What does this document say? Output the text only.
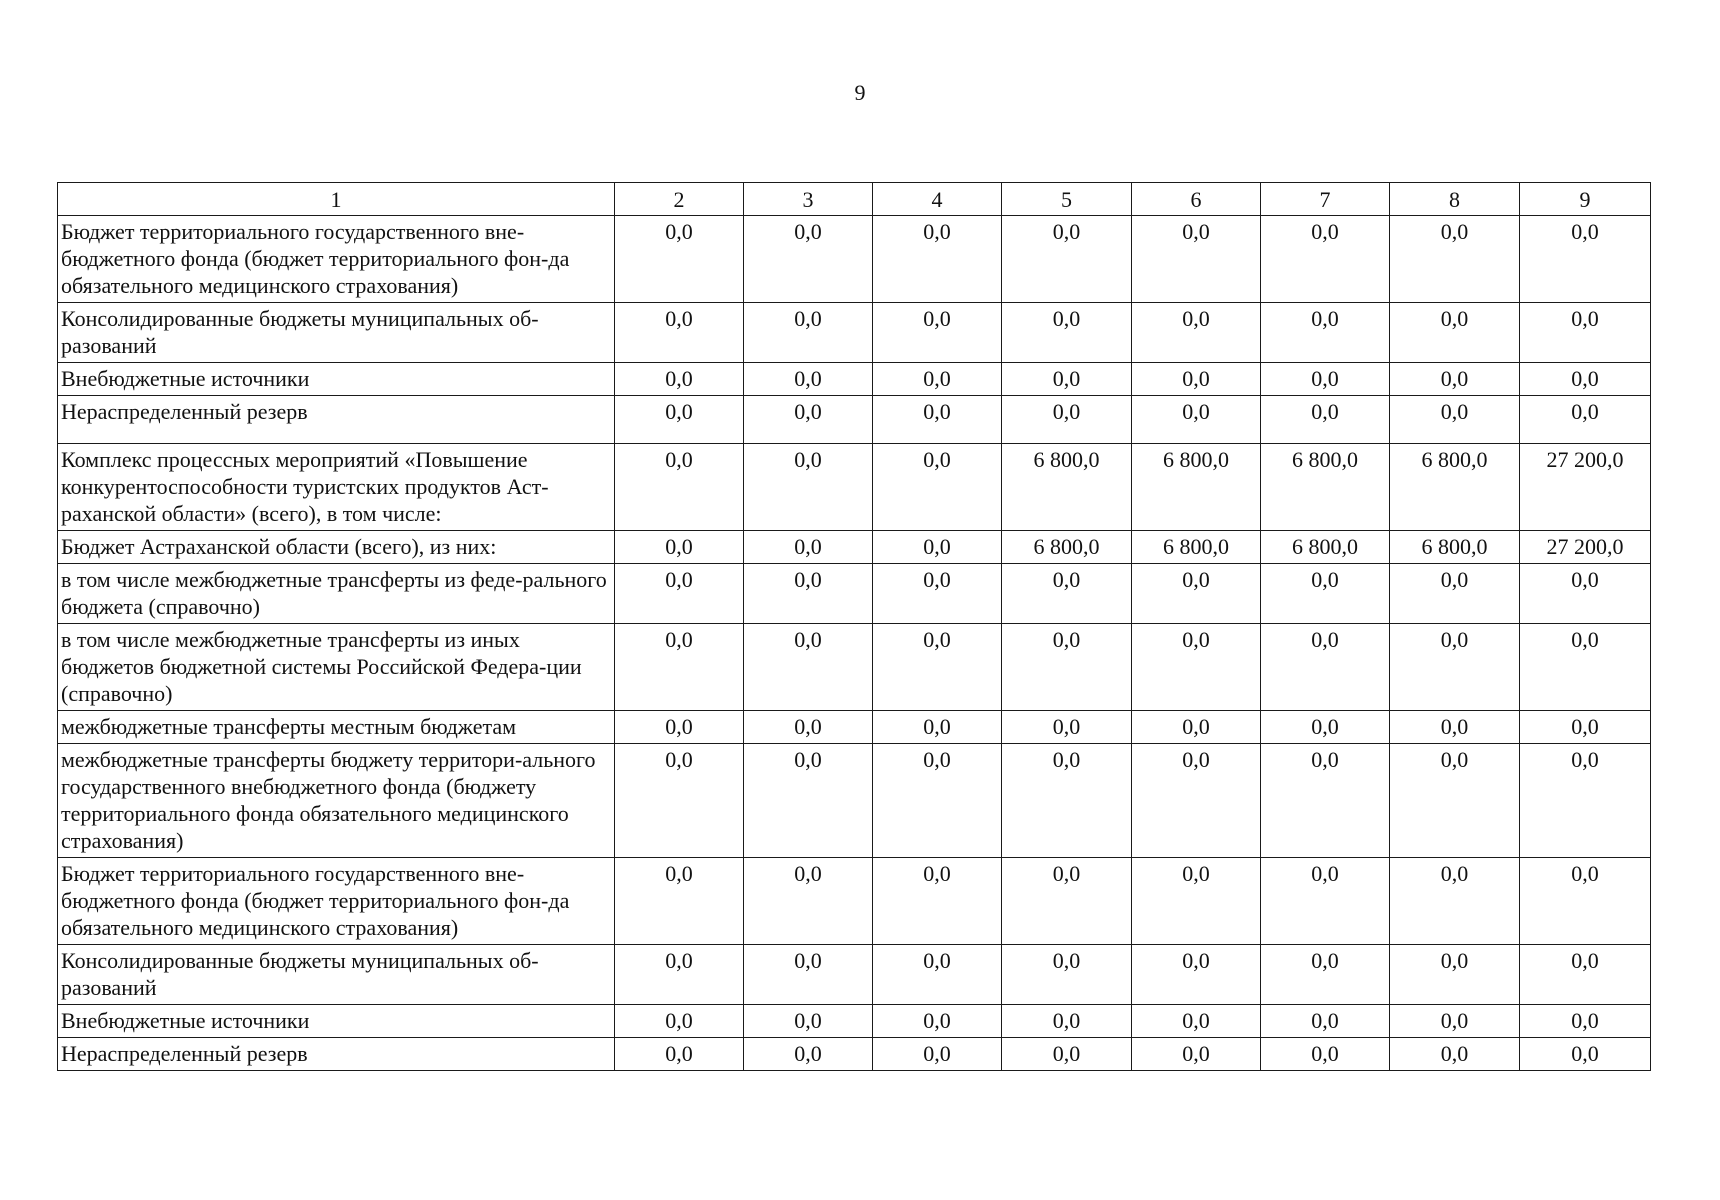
9
1	2	3	4	5	6	7	8	9
Бюджет территориального государственного вне-бюджетного фонда (бюджет территориального фон-да обязательного медицинского страхования)	0,0	0,0	0,0	0,0	0,0	0,0	0,0	0,0
Консолидированные бюджеты муниципальных об-разований	0,0	0,0	0,0	0,0	0,0	0,0	0,0	0,0
Внебюджетные источники	0,0	0,0	0,0	0,0	0,0	0,0	0,0	0,0
Нераспределенный резерв	0,0	0,0	0,0	0,0	0,0	0,0	0,0	0,0
Комплекс процессных мероприятий «Повышение конкурентоспособности туристских продуктов Аст-раханской области» (всего), в том числе:	0,0	0,0	0,0	6 800,0	6 800,0	6 800,0	6 800,0	27 200,0
Бюджет Астраханской области (всего), из них:	0,0	0,0	0,0	6 800,0	6 800,0	6 800,0	6 800,0	27 200,0
в том числе межбюджетные трансферты из феде-рального бюджета (справочно)	0,0	0,0	0,0	0,0	0,0	0,0	0,0	0,0
в том числе межбюджетные трансферты из иных бюджетов бюджетной системы Российской Федера-ции (справочно)	0,0	0,0	0,0	0,0	0,0	0,0	0,0	0,0
межбюджетные трансферты местным бюджетам	0,0	0,0	0,0	0,0	0,0	0,0	0,0	0,0
межбюджетные трансферты бюджету территори-ального государственного внебюджетного фонда (бюджету территориального фонда обязательного медицинского страхования)	0,0	0,0	0,0	0,0	0,0	0,0	0,0	0,0
Бюджет территориального государственного вне-бюджетного фонда (бюджет территориального фон-да обязательного медицинского страхования)	0,0	0,0	0,0	0,0	0,0	0,0	0,0	0,0
Консолидированные бюджеты муниципальных об-разований	0,0	0,0	0,0	0,0	0,0	0,0	0,0	0,0
Внебюджетные источники	0,0	0,0	0,0	0,0	0,0	0,0	0,0	0,0
Нераспределенный резерв	0,0	0,0	0,0	0,0	0,0	0,0	0,0	0,0
